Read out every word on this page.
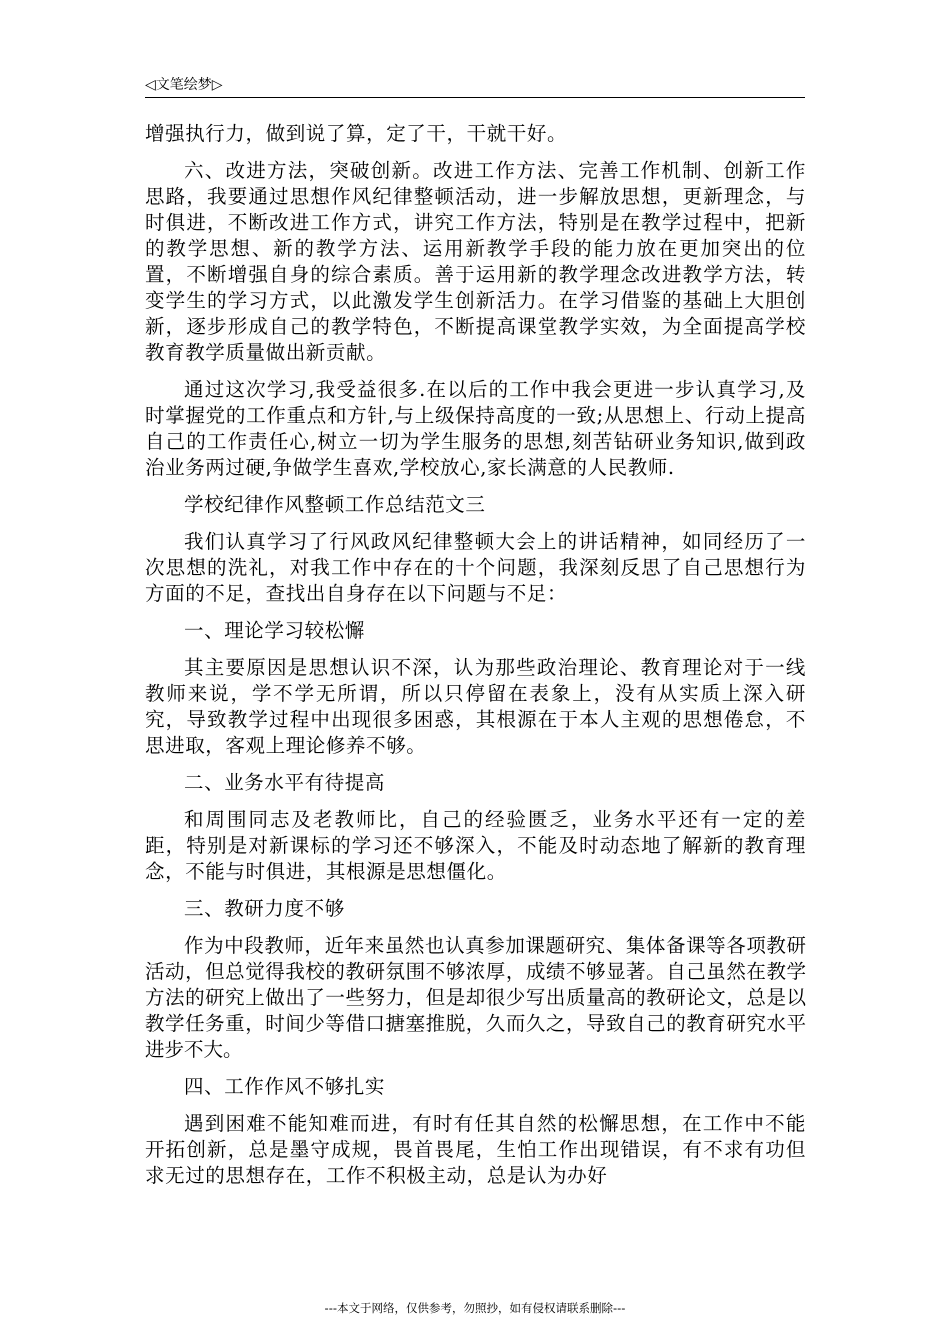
◁文笔绘梦▷

增强执行力，做到说了算，定了干，干就干好。

六、改进方法，突破创新。改进工作方法、完善工作机制、创新工作思路，我要通过思想作风纪律整顿活动，进一步解放思想，更新理念，与时俱进，不断改进工作方式，讲究工作方法，特别是在教学过程中，把新的教学思想、新的教学方法、运用新教学手段的能力放在更加突出的位置，不断增强自身的综合素质。善于运用新的教学理念改进教学方法，转变学生的学习方式，以此激发学生创新活力。在学习借鉴的基础上大胆创新，逐步形成自己的教学特色，不断提高课堂教学实效，为全面提高学校教育教学质量做出新贡献。

通过这次学习,我受益很多.在以后的工作中我会更进一步认真学习,及时掌握党的工作重点和方针,与上级保持高度的一致;从思想上、行动上提高自己的工作责任心,树立一切为学生服务的思想,刻苦钻研业务知识,做到政治业务两过硬,争做学生喜欢,学校放心,家长满意的人民教师.

学校纪律作风整顿工作总结范文三

我们认真学习了行风政风纪律整顿大会上的讲话精神，如同经历了一次思想的洗礼，对我工作中存在的十个问题，我深刻反思了自己思想行为方面的不足，查找出自身存在以下问题与不足：

一、理论学习较松懈

其主要原因是思想认识不深，认为那些政治理论、教育理论对于一线教师来说，学不学无所谓，所以只停留在表象上，没有从实质上深入研究，导致教学过程中出现很多困惑，其根源在于本人主观的思想倦怠，不思进取，客观上理论修养不够。

二、业务水平有待提高

和周围同志及老教师比，自己的经验匮乏，业务水平还有一定的差距，特别是对新课标的学习还不够深入，不能及时动态地了解新的教育理念，不能与时俱进，其根源是思想僵化。

三、教研力度不够

作为中段教师，近年来虽然也认真参加课题研究、集体备课等各项教研活动，但总觉得我校的教研氛围不够浓厚，成绩不够显著。自己虽然在教学方法的研究上做出了一些努力，但是却很少写出质量高的教研论文，总是以教学任务重，时间少等借口搪塞推脱，久而久之，导致自己的教育研究水平进步不大。

四、工作作风不够扎实

遇到困难不能知难而进，有时有任其自然的松懈思想，在工作中不能开拓创新，总是墨守成规，畏首畏尾，生怕工作出现错误，有不求有功但求无过的思想存在，工作不积极主动，总是认为办好

---本文于网络，仅供参考，勿照抄，如有侵权请联系删除---
